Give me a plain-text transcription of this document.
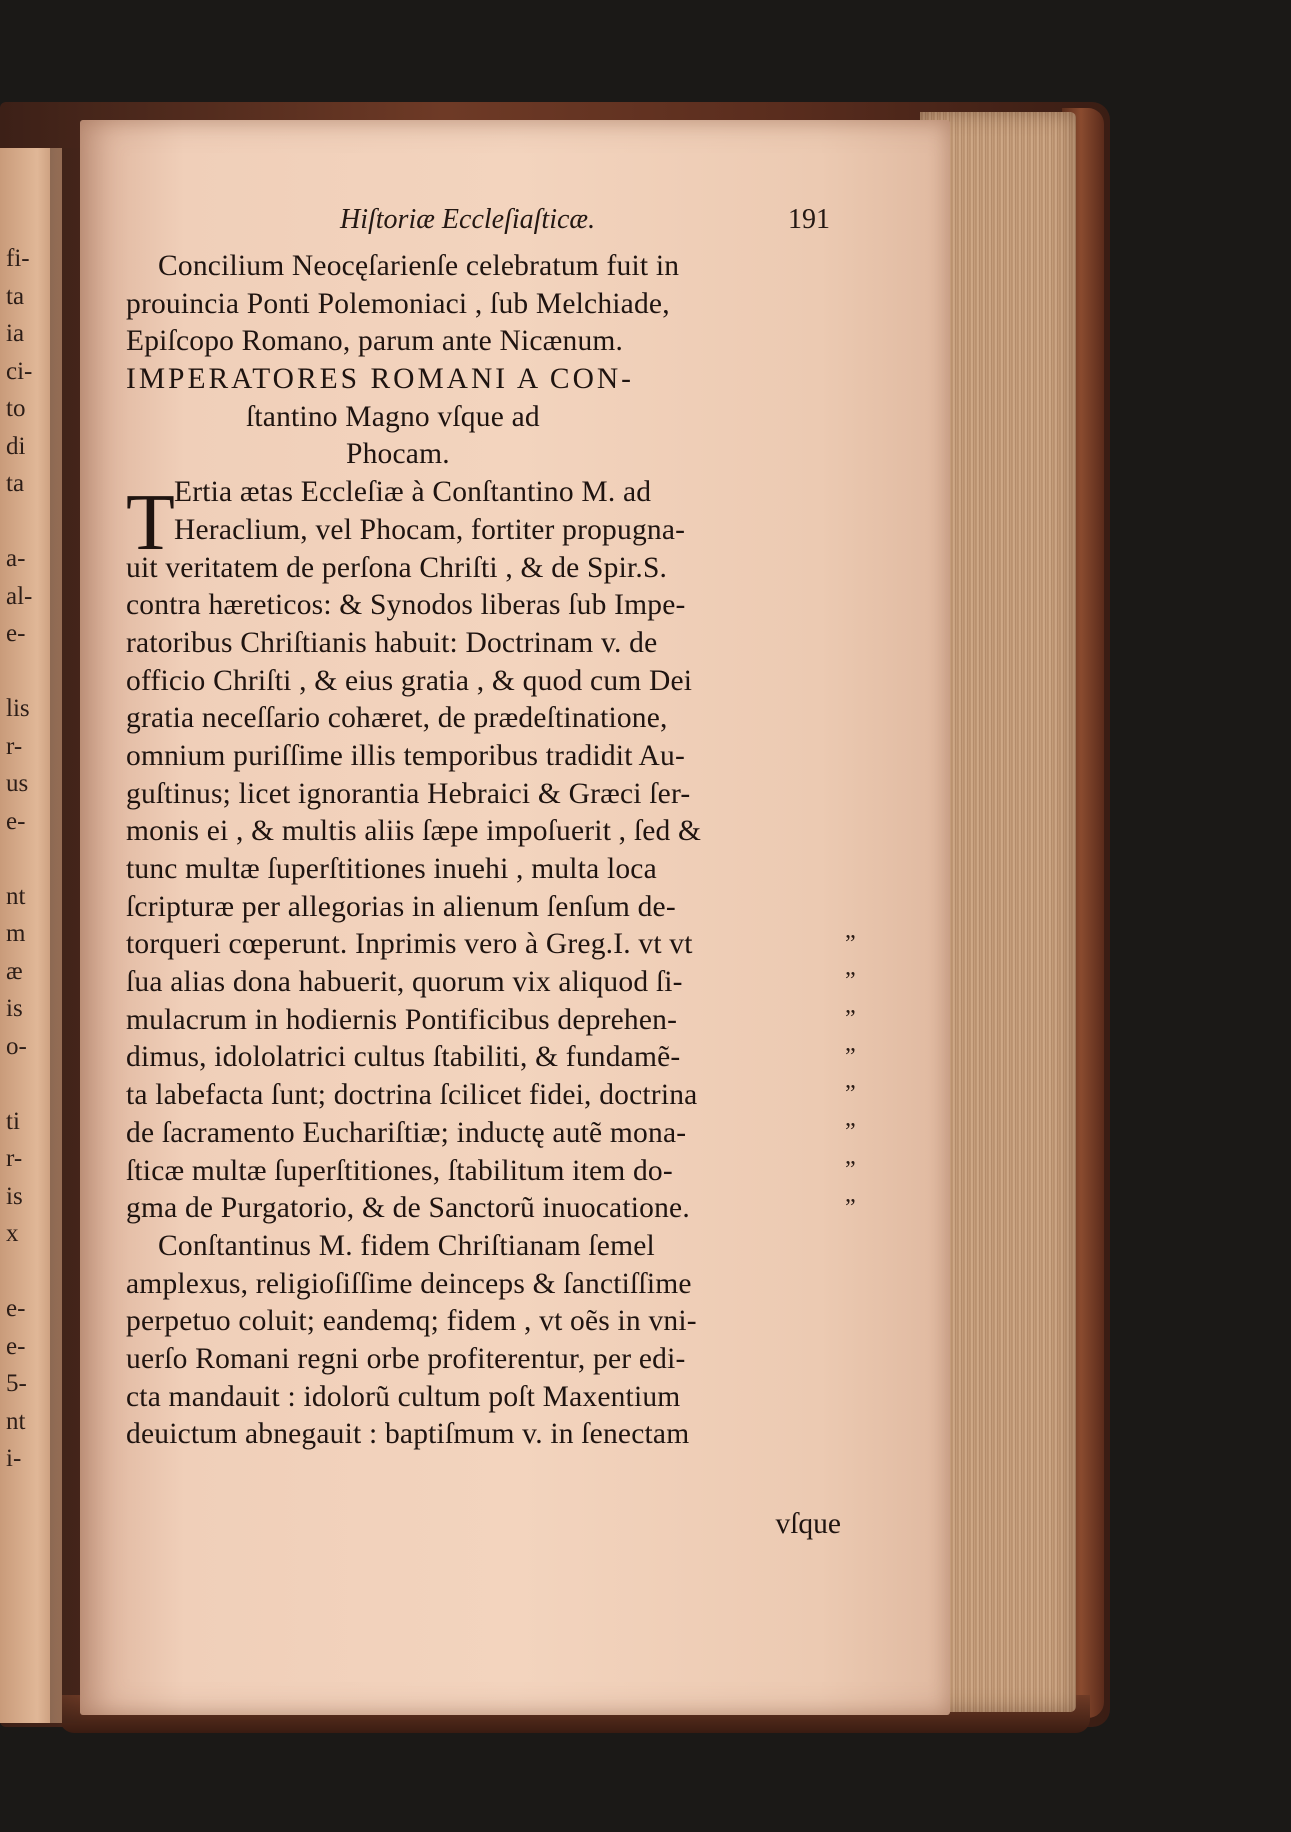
fi-
ta
ia
ci-
to
di
ta
a-
al-
e-
lis
r-
us
e-
nt
m
æ
is
o-
ti
r-
is
x
e-
e-
5-
nt
i-
Hiſtoriæ Eccleſiaſticæ.	191
T
Concilium Neocęſarienſe celebratum fuit in
prouincia Ponti Polemoniaci , ſub Melchiade,
Epiſcopo Romano, parum ante Nicænum.
IMPERATORES ROMANI A CON-
ſtantino Magno vſque ad
Phocam.
Ertia ætas Eccleſiæ à Conſtantino M. ad
Heraclium, vel Phocam, fortiter propugna-
uit veritatem de perſona Chriſti , & de Spir.S.
contra hæreticos: & Synodos liberas ſub Impe-
ratoribus Chriſtianis habuit: Doctrinam v. de
officio Chriſti , & eius gratia , & quod cum Dei
gratia neceſſario cohæret, de prædeſtinatione,
omnium puriſſime illis temporibus tradidit Au-
guſtinus; licet ignorantia Hebraici & Græci ſer-
monis ei , & multis aliis ſæpe impoſuerit , ſed &
tunc multæ ſuperſtitiones inuehi , multa loca
ſcripturæ per allegorias in alienum ſenſum de-
torqueri cœperunt. Inprimis vero à Greg.I. vt vt
ſua alias dona habuerit, quorum vix aliquod ſi-
mulacrum in hodiernis Pontificibus deprehen-
dimus, idololatrici cultus ſtabiliti, & fundamẽ-
ta labefacta ſunt; doctrina ſcilicet fidei, doctrina
de ſacramento Euchariſtiæ; inductę autẽ mona-
ſticæ multæ ſuperſtitiones, ſtabilitum item do-
gma de Purgatorio, & de Sanctorũ inuocatione.
Conſtantinus M. fidem Chriſtianam ſemel
amplexus, religioſiſſime deinceps & ſanctiſſime
perpetuo coluit; eandemq; fidem , vt oẽs in vni-
uerſo Romani regni orbe profiterentur, per edi-
cta mandauit : idolorũ cultum poſt Maxentium
deuictum abnegauit : baptiſmum v. in ſenectam
vſque
”
”
”
”
”
”
”
”
